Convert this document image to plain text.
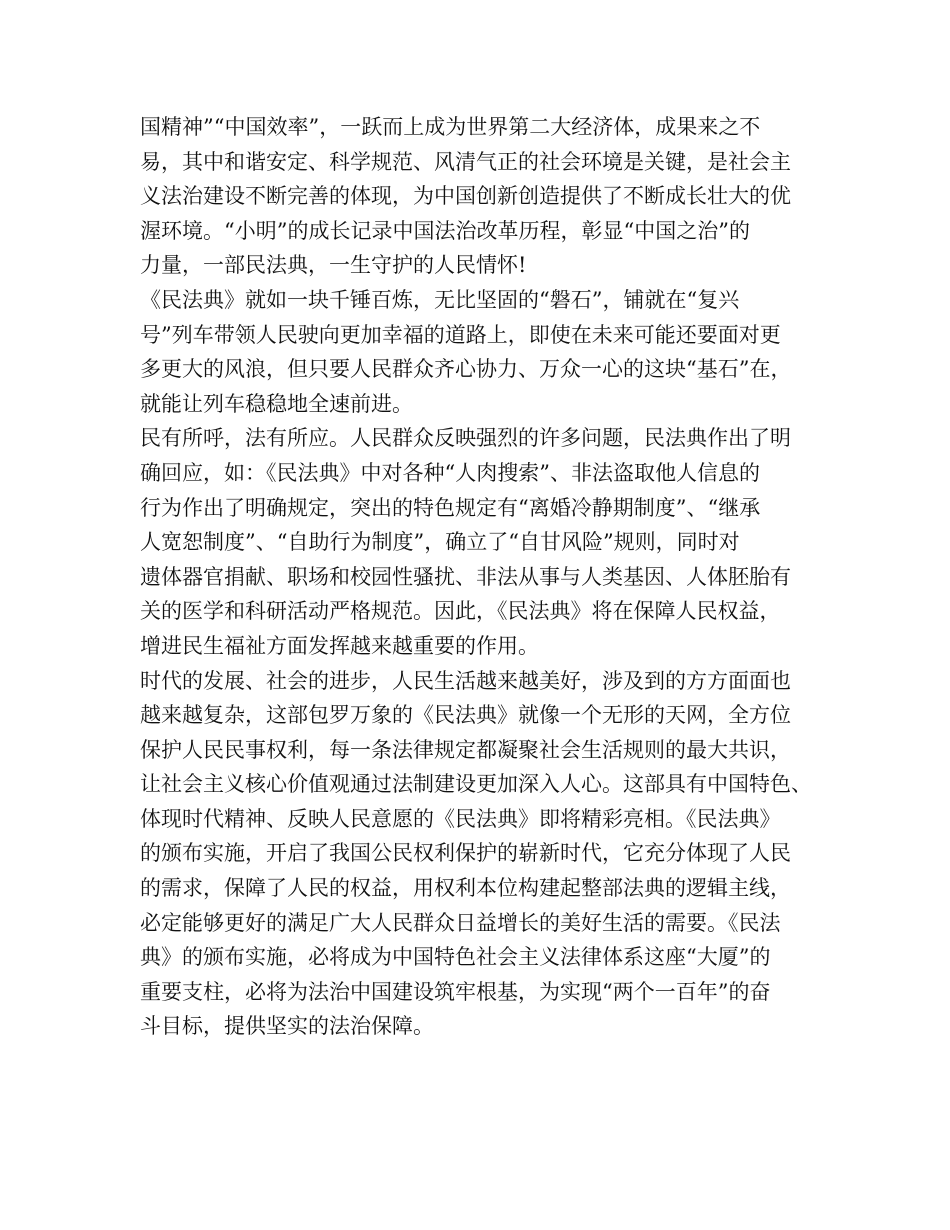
国精神”“中国效率”，一跃而上成为世界第二大经济体，成果来之不
易，其中和谐安定、科学规范、风清气正的社会环境是关键，是社会主
义法治建设不断完善的体现，为中国创新创造提供了不断成长壮大的优
渥环境。“小明”的成长记录中国法治改革历程，彰显“中国之治”的
力量，一部民法典，一生守护的人民情怀!
《民法典》就如一块千锤百炼，无比坚固的“磐石”，铺就在“复兴
号”列车带领人民驶向更加幸福的道路上，即使在未来可能还要面对更
多更大的风浪，但只要人民群众齐心协力、万众一心的这块“基石”在，
就能让列车稳稳地全速前进。
民有所呼，法有所应。人民群众反映强烈的许多问题，民法典作出了明
确回应，如：《民法典》中对各种“人肉搜索”、非法盗取他人信息的
行为作出了明确规定，突出的特色规定有“离婚冷静期制度”、“继承
人宽恕制度”、“自助行为制度”，确立了“自甘风险”规则，同时对
遗体器官捐献、职场和校园性骚扰、非法从事与人类基因、人体胚胎有
关的医学和科研活动严格规范。因此，《民法典》将在保障人民权益，
增进民生福祉方面发挥越来越重要的作用。
时代的发展、社会的进步，人民生活越来越美好，涉及到的方方面面也
越来越复杂，这部包罗万象的《民法典》就像一个无形的天网，全方位
保护人民民事权利，每一条法律规定都凝聚社会生活规则的最大共识，
让社会主义核心价值观通过法制建设更加深入人心。这部具有中国特色、
体现时代精神、反映人民意愿的《民法典》即将精彩亮相。《民法典》
的颁布实施，开启了我国公民权利保护的崭新时代，它充分体现了人民
的需求，保障了人民的权益，用权利本位构建起整部法典的逻辑主线，
必定能够更好的满足广大人民群众日益增长的美好生活的需要。《民法
典》的颁布实施，必将成为中国特色社会主义法律体系这座“大厦”的
重要支柱，必将为法治中国建设筑牢根基，为实现“两个一百年”的奋
斗目标，提供坚实的法治保障。
